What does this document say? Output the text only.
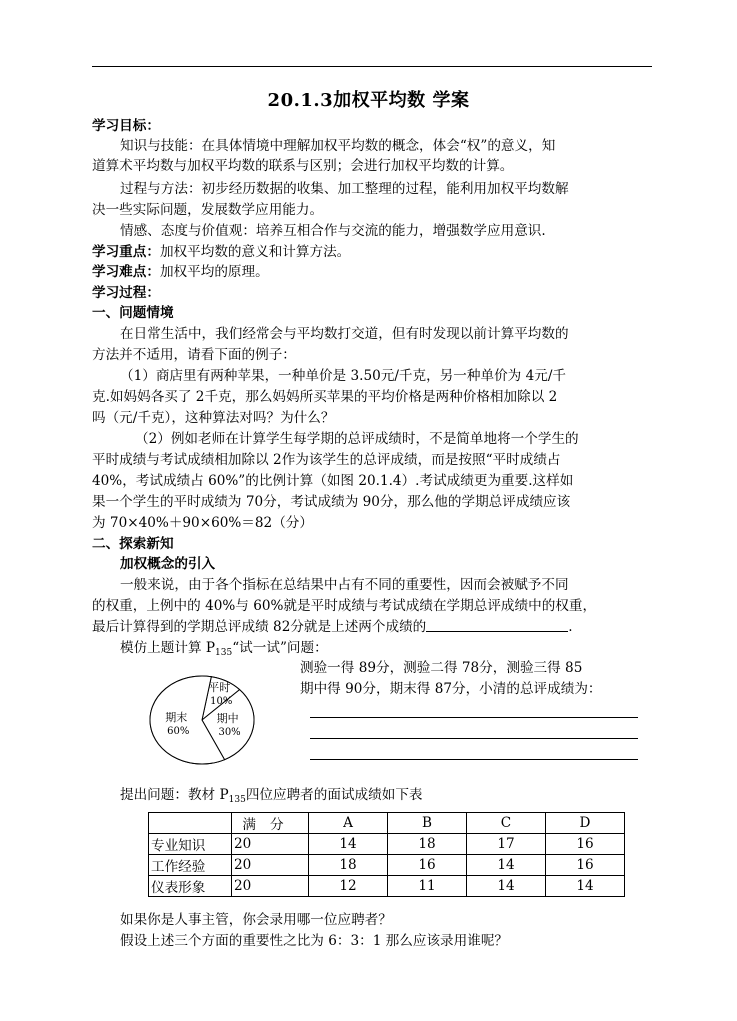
20.1.3加权平均数 学案
学习目标：
知识与技能：在具体情境中理解加权平均数的概念，体会“权”的意义，知
道算术平均数与加权平均数的联系与区别；会进行加权平均数的计算。
过程与方法：初步经历数据的收集、加工整理的过程，能利用加权平均数解
决一些实际问题，发展数学应用能力。
情感、态度与价值观：培养互相合作与交流的能力，增强数学应用意识.
学习重点：加权平均数的意义和计算方法。
学习难点：加权平均的原理。
学习过程：
一、问题情境
在日常生活中，我们经常会与平均数打交道，但有时发现以前计算平均数的
方法并不适用，请看下面的例子：
（1）商店里有两种苹果，一种单价是 3.50元/千克，另一种单价为 4元/千
克.如妈妈各买了 2千克，那么妈妈所买苹果的平均价格是两种价格相加除以 2
吗（元/千克），这种算法对吗？为什么？
（2）例如老师在计算学生每学期的总评成绩时，不是简单地将一个学生的
平时成绩与考试成绩相加除以 2作为该学生的总评成绩，而是按照“平时成绩占
40%，考试成绩占 60%”的比例计算（如图 20.1.4）.考试成绩更为重要.这样如
果一个学生的平时成绩为 70分，考试成绩为 90分，那么他的学期总评成绩应该
为 70×40%＋90×60%＝82（分）
二、探索新知
加权概念的引入
一般来说，由于各个指标在总结果中占有不同的重要性，因而会被赋予不同
的权重，上例中的 40%与 60%就是平时成绩与考试成绩在学期总评成绩中的权重，
最后计算得到的学期总评成绩 82分就是上述两个成绩的	.
模仿上题计算 $P_{135}“$试一试”问题：
平时
10%
期中
30%
期末
60%
测验一得 89分，测验二得 78分，测验三得 85
期中得 90分，期末得 87分，小清的总评成绩为：
提出问题：教材 $P_{135}$四位应聘者的面试成绩如下表
	满分	A	B	C	D
专业知识	20	14	18	17	16
工作经验	20	18	16	14	16
仪表形象	20	12	11	14	14
如果你是人事主管，你会录用哪一位应聘者？
假设上述三个方面的重要性之比为 6：3：1 那么应该录用谁呢？
